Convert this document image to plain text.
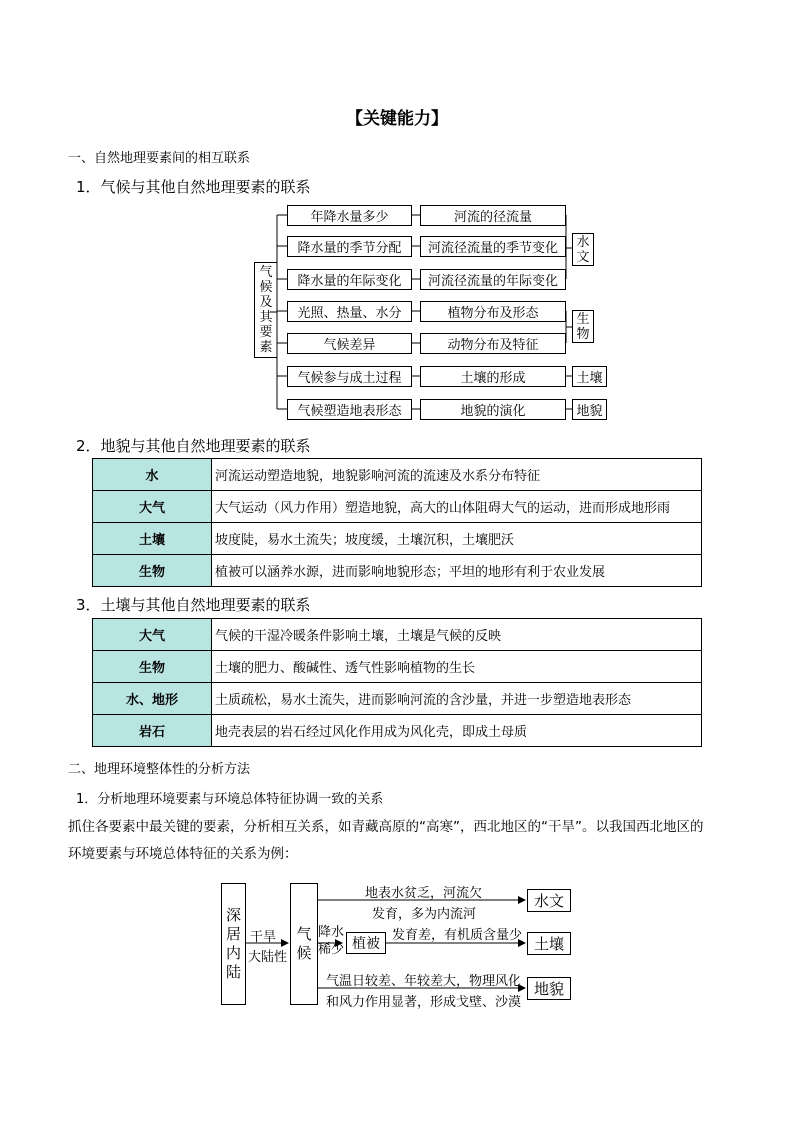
【关键能力】
一、自然地理要素间的相互联系
1．气候与其他自然地理要素的联系
气候及其要素
年降水量多少
降水量的季节分配
降水量的年际变化
光照、热量、水分
气候差异
气候参与成土过程
气候塑造地表形态
河流的径流量
河流径流量的季节变化
河流径流量的年际变化
植物分布及形态
动物分布及特征
土壤的形成
地貌的演化
水文
生物
土壤
地貌
2．地貌与其他自然地理要素的联系
水	河流运动塑造地貌，地貌影响河流的流速及水系分布特征
大气	大气运动（风力作用）塑造地貌，高大的山体阻碍大气的运动，进而形成地形雨
土壤	坡度陡，易水土流失；坡度缓，土壤沉积，土壤肥沃
生物	植被可以涵养水源，进而影响地貌形态；平坦的地形有利于农业发展
3．土壤与其他自然地理要素的联系
大气	气候的干湿冷暖条件影响土壤，土壤是气候的反映
生物	土壤的肥力、酸碱性、透气性影响植物的生长
水、地形	土质疏松，易水土流失，进而影响河流的含沙量，并进一步塑造地表形态
岩石	地壳表层的岩石经过风化作用成为风化壳，即成土母质
二、地理环境整体性的分析方法
1．分析地理环境要素与环境总体特征协调一致的关系
抓住各要素中最关键的要素，分析相互关系，如青藏高原的“高寒”，西北地区的“干旱”。以我国西北地区的
环境要素与环境总体特征的关系为例：
深居内陆
干旱
大陆性
气候
降水稀少 植被
地表水贫乏，河流欠
发育，多为内流河
发育差，有机质含量少
气温日较差、年较差大，物理风化
和风力作用显著，形成戈壁、沙漠
水文
土壤
地貌
